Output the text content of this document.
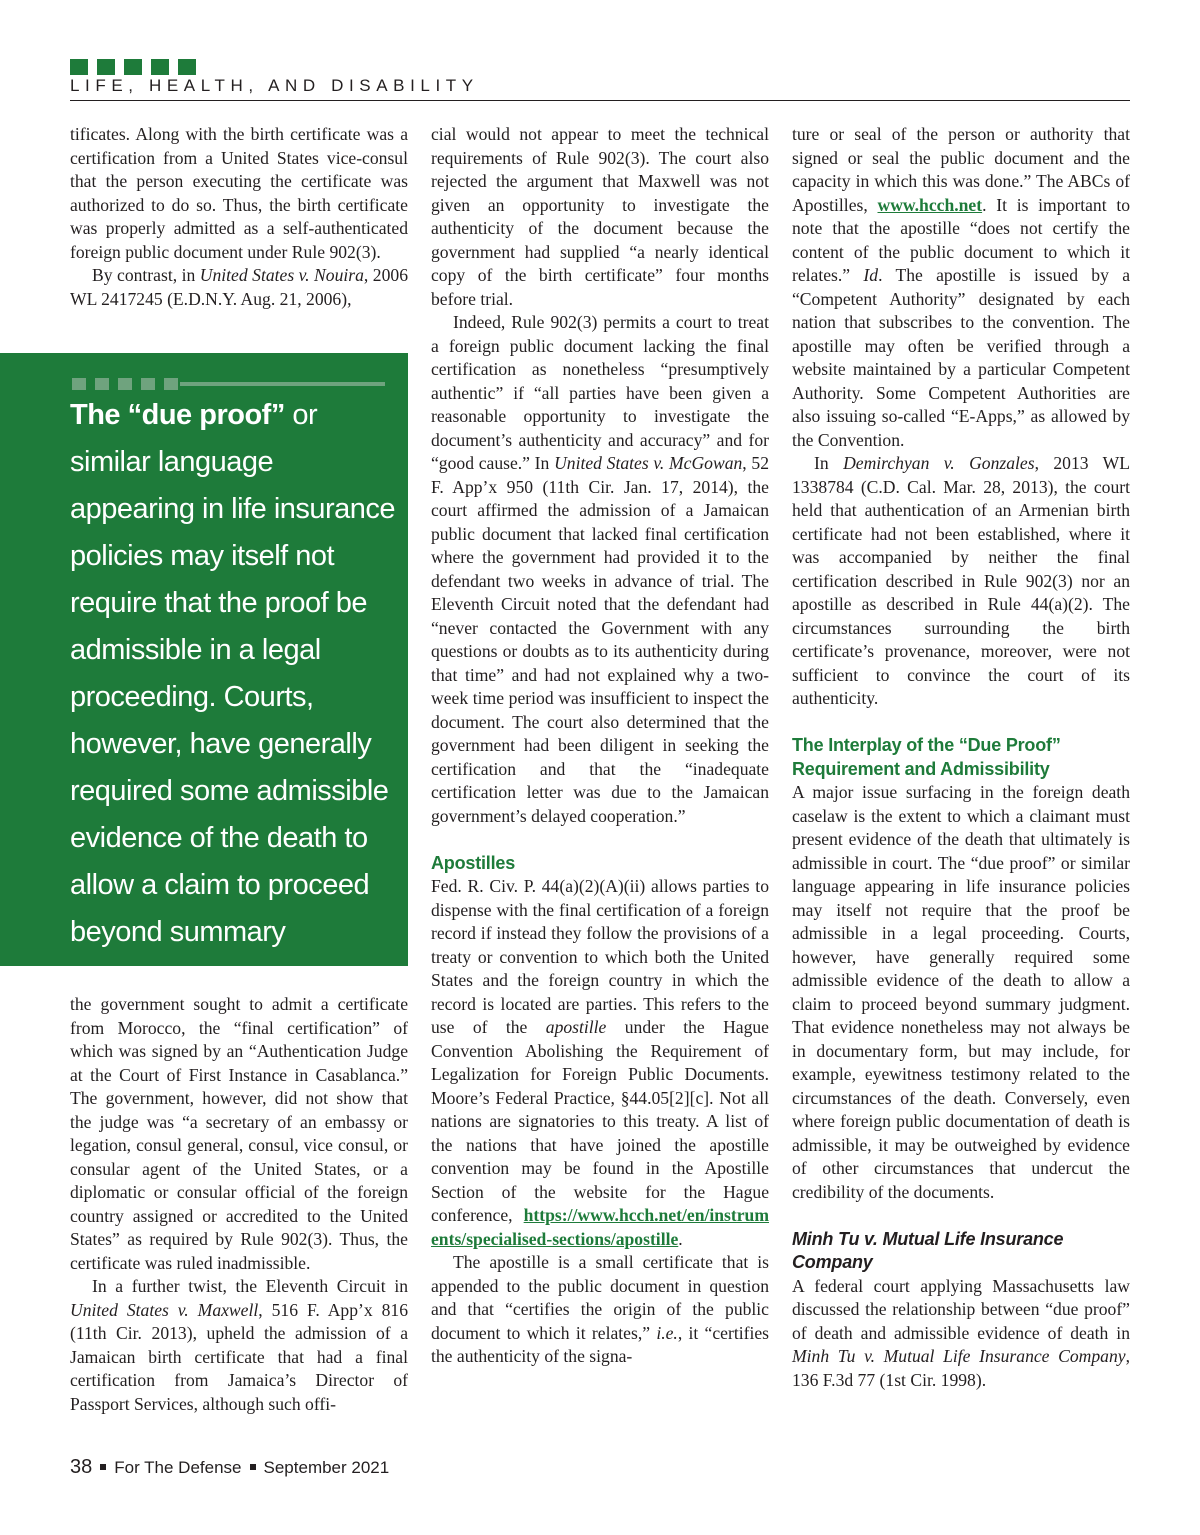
LIFE, HEALTH, AND DISABILITY

tificates. Along with the birth certificate was a certification from a United States vice-consul that the person executing the certificate was authorized to do so. Thus, the birth certificate was properly admitted as a self-authenticated foreign public document under Rule 902(3).

By contrast, in United States v. Nouira, 2006 WL 2417245 (E.D.N.Y. Aug. 21, 2006),

The “due proof” or similar language appearing in life insurance policies may itself not require that the proof be admissible in a legal proceeding. Courts, however, have generally required some admissible evidence of the death to allow a claim to proceed beyond summary judgment.

the government sought to admit a certificate from Morocco, the “final certification” of which was signed by an “Authentication Judge at the Court of First Instance in Casablanca.” The government, however, did not show that the judge was “a secretary of an embassy or legation, consul general, consul, vice consul, or consular agent of the United States, or a diplomatic or consular official of the foreign country assigned or accredited to the United States” as required by Rule 902(3). Thus, the certificate was ruled inadmissible.

In a further twist, the Eleventh Circuit in United States v. Maxwell, 516 F. App’x 816 (11th Cir. 2013), upheld the admission of a Jamaican birth certificate that had a final certification from Jamaica’s Director of Passport Services, although such offi-

cial would not appear to meet the technical requirements of Rule 902(3). The court also rejected the argument that Maxwell was not given an opportunity to investigate the authenticity of the document because the government had supplied “a nearly identical copy of the birth certificate” four months before trial.

Indeed, Rule 902(3) permits a court to treat a foreign public document lacking the final certification as nonetheless “presumptively authentic” if “all parties have been given a reasonable opportunity to investigate the document’s authenticity and accuracy” and for “good cause.” In United States v. McGowan, 52 F. App’x 950 (11th Cir. Jan. 17, 2014), the court affirmed the admission of a Jamaican public document that lacked final certification where the government had provided it to the defendant two weeks in advance of trial. The Eleventh Circuit noted that the defendant had “never contacted the Government with any questions or doubts as to its authenticity during that time” and had not explained why a two-week time period was insufficient to inspect the document. The court also determined that the government had been diligent in seeking the certification and that the “inadequate certification letter was due to the Jamaican government’s delayed cooperation.”

Apostilles

Fed. R. Civ. P. 44(a)(2)(A)(ii) allows parties to dispense with the final certification of a foreign record if instead they follow the provisions of a treaty or convention to which both the United States and the foreign country in which the record is located are parties. This refers to the use of the apostille under the Hague Convention Abolishing the Requirement of Legalization for Foreign Public Documents. Moore’s Federal Practice, §44.05[2][c]. Not all nations are signatories to this treaty. A list of the nations that have joined the apostille convention may be found in the Apostille Section of the website for the Hague conference, https://www.hcch.net/en/instruments/specialised-sections/apostille.

The apostille is a small certificate that is appended to the public document in question and that “certifies the origin of the public document to which it relates,” i.e., it “certifies the authenticity of the signa-

ture or seal of the person or authority that signed or seal the public document and the capacity in which this was done.” The ABCs of Apostilles, www.hcch.net. It is important to note that the apostille “does not certify the content of the public document to which it relates.” Id. The apostille is issued by a “Competent Authority” designated by each nation that subscribes to the convention. The apostille may often be verified through a website maintained by a particular Competent Authority. Some Competent Authorities are also issuing so-called “E-Apps,” as allowed by the Convention.

In Demirchyan v. Gonzales, 2013 WL 1338784 (C.D. Cal. Mar. 28, 2013), the court held that authentication of an Armenian birth certificate had not been established, where it was accompanied by neither the final certification described in Rule 902(3) nor an apostille as described in Rule 44(a)(2). The circumstances surrounding the birth certificate’s provenance, moreover, were not sufficient to convince the court of its authenticity.

The Interplay of the “Due Proof” Requirement and Admissibility

A major issue surfacing in the foreign death caselaw is the extent to which a claimant must present evidence of the death that ultimately is admissible in court. The “due proof” or similar language appearing in life insurance policies may itself not require that the proof be admissible in a legal proceeding. Courts, however, have generally required some admissible evidence of the death to allow a claim to proceed beyond summary judgment. That evidence nonetheless may not always be in documentary form, but may include, for example, eyewitness testimony related to the circumstances of the death. Conversely, even where foreign public documentation of death is admissible, it may be outweighed by evidence of other circumstances that undercut the credibility of the documents.

Minh Tu v. Mutual Life Insurance Company

A federal court applying Massachusetts law discussed the relationship between “due proof” of death and admissible evidence of death in Minh Tu v. Mutual Life Insurance Company, 136 F.3d 77 (1st Cir. 1998).

38 For The Defense September 2021
